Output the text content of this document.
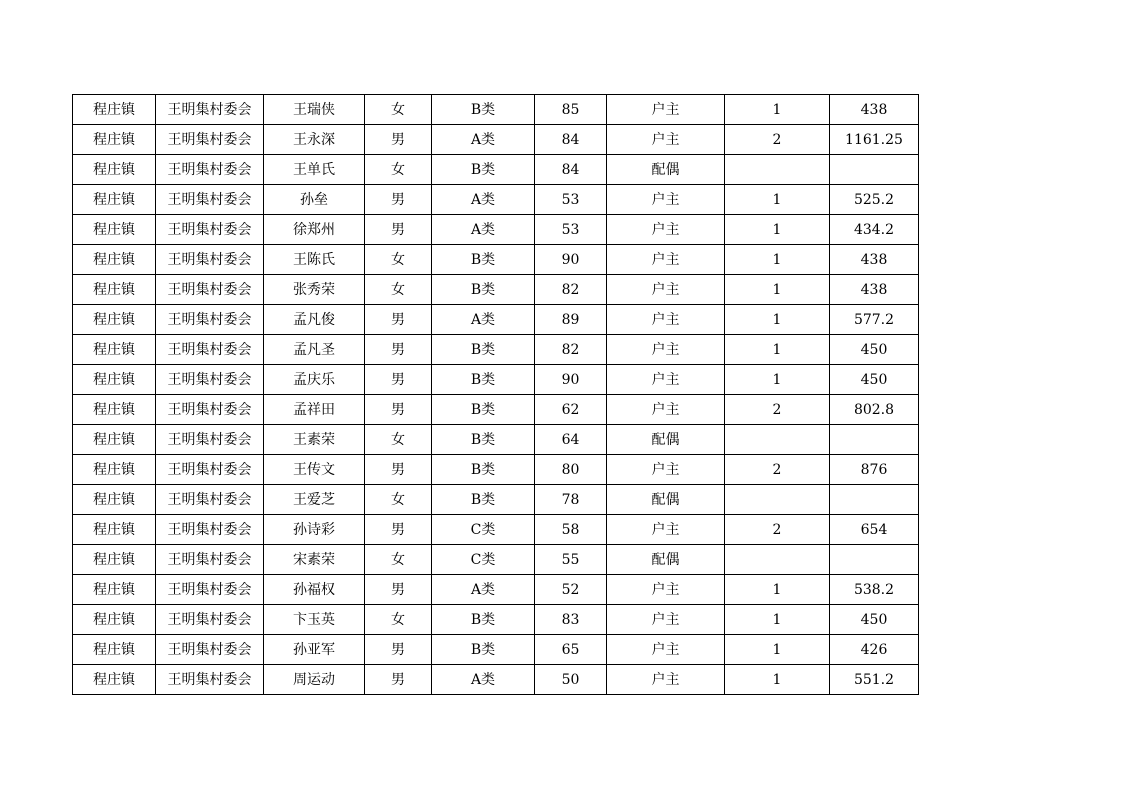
程庄镇	王明集村委会	王瑞侠	女	B类	85	户主	1	438
程庄镇	王明集村委会	王永深	男	A类	84	户主	2	1161.25
程庄镇	王明集村委会	王单氏	女	B类	84	配偶		
程庄镇	王明集村委会	孙垒	男	A类	53	户主	1	525.2
程庄镇	王明集村委会	徐郑州	男	A类	53	户主	1	434.2
程庄镇	王明集村委会	王陈氏	女	B类	90	户主	1	438
程庄镇	王明集村委会	张秀荣	女	B类	82	户主	1	438
程庄镇	王明集村委会	孟凡俊	男	A类	89	户主	1	577.2
程庄镇	王明集村委会	孟凡圣	男	B类	82	户主	1	450
程庄镇	王明集村委会	孟庆乐	男	B类	90	户主	1	450
程庄镇	王明集村委会	孟祥田	男	B类	62	户主	2	802.8
程庄镇	王明集村委会	王素荣	女	B类	64	配偶		
程庄镇	王明集村委会	王传文	男	B类	80	户主	2	876
程庄镇	王明集村委会	王爱芝	女	B类	78	配偶		
程庄镇	王明集村委会	孙诗彩	男	C类	58	户主	2	654
程庄镇	王明集村委会	宋素荣	女	C类	55	配偶		
程庄镇	王明集村委会	孙福权	男	A类	52	户主	1	538.2
程庄镇	王明集村委会	卞玉英	女	B类	83	户主	1	450
程庄镇	王明集村委会	孙亚军	男	B类	65	户主	1	426
程庄镇	王明集村委会	周运动	男	A类	50	户主	1	551.2
